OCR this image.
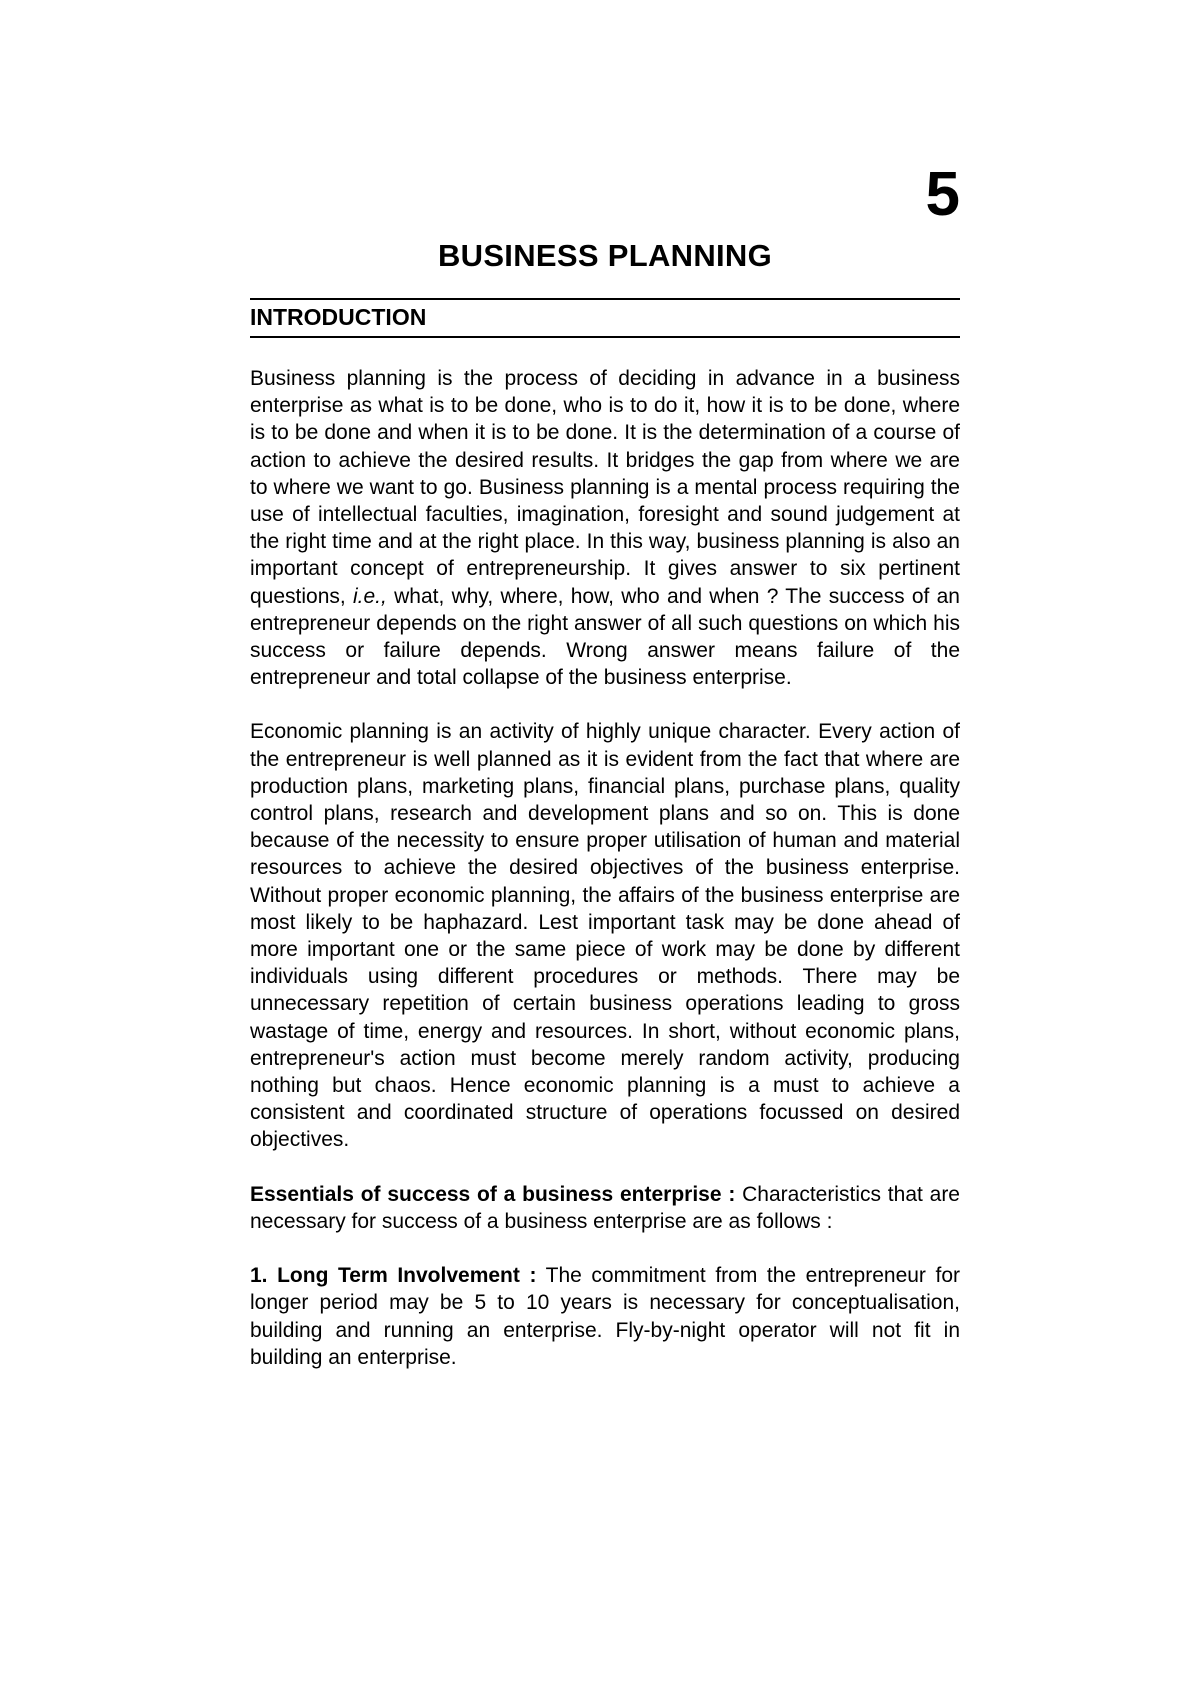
5
BUSINESS PLANNING
INTRODUCTION

Business planning is the process of deciding in advance in a business enterprise as what is to be done, who is to do it, how it is to be done, where is to be done and when it is to be done. It is the determination of a course of action to achieve the desired results. It bridges the gap from where we are to where we want to go. Business planning is a mental process requiring the use of intellectual faculties, imagination, foresight and sound judgement at the right time and at the right place. In this way, business planning is also an important concept of entrepreneurship. It gives answer to six pertinent questions, i.e., what, why, where, how, who and when ? The success of an entrepreneur depends on the right answer of all such questions on which his success or failure depends. Wrong answer means failure of the entrepreneur and total collapse of the business enterprise.

Economic planning is an activity of highly unique character. Every action of the entrepreneur is well planned as it is evident from the fact that where are production plans, marketing plans, financial plans, purchase plans, quality control plans, research and development plans and so on. This is done because of the necessity to ensure proper utilisation of human and material resources to achieve the desired objectives of the business enterprise. Without proper economic planning, the affairs of the business enterprise are most likely to be haphazard. Lest important task may be done ahead of more important one or the same piece of work may be done by different individuals using different procedures or methods. There may be unnecessary repetition of certain business operations leading to gross wastage of time, energy and resources. In short, without economic plans, entrepreneur's action must become merely random activity, producing nothing but chaos. Hence economic planning is a must to achieve a consistent and coordinated structure of operations focussed on desired objectives.

Essentials of success of a business enterprise : Characteristics that are necessary for success of a business enterprise are as follows :

1. Long Term Involvement : The commitment from the entrepreneur for longer period may be 5 to 10 years is necessary for conceptualisation, building and running an enterprise. Fly-by-night operator will not fit in building an enterprise.
